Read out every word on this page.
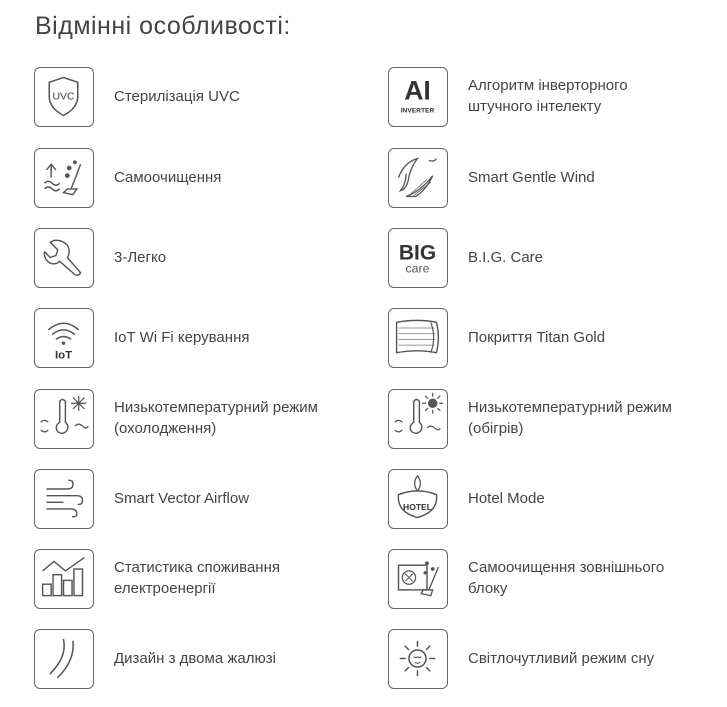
Відмінні особливості:
UVC	Стерилізація UVC
Самоочищення
3-Легко
IoT
IoT Wi Fi керування
Низькотемпературний режим
(охолодження)
Smart Vector Airflow
Статистика споживання
електроенергії
Дизайн з двома жалюзі
AI
INVERTER
Алгоритм інверторного
штучного інтелекту
Smart Gentle Wind
BIG
care
B.I.G. Care
Покриття Titan Gold
Низькотемпературний режим
(обігрів)
HOTEL Hotel Mode
Самоочищення зовнішнього
блоку
Світлочутливий режим сну
